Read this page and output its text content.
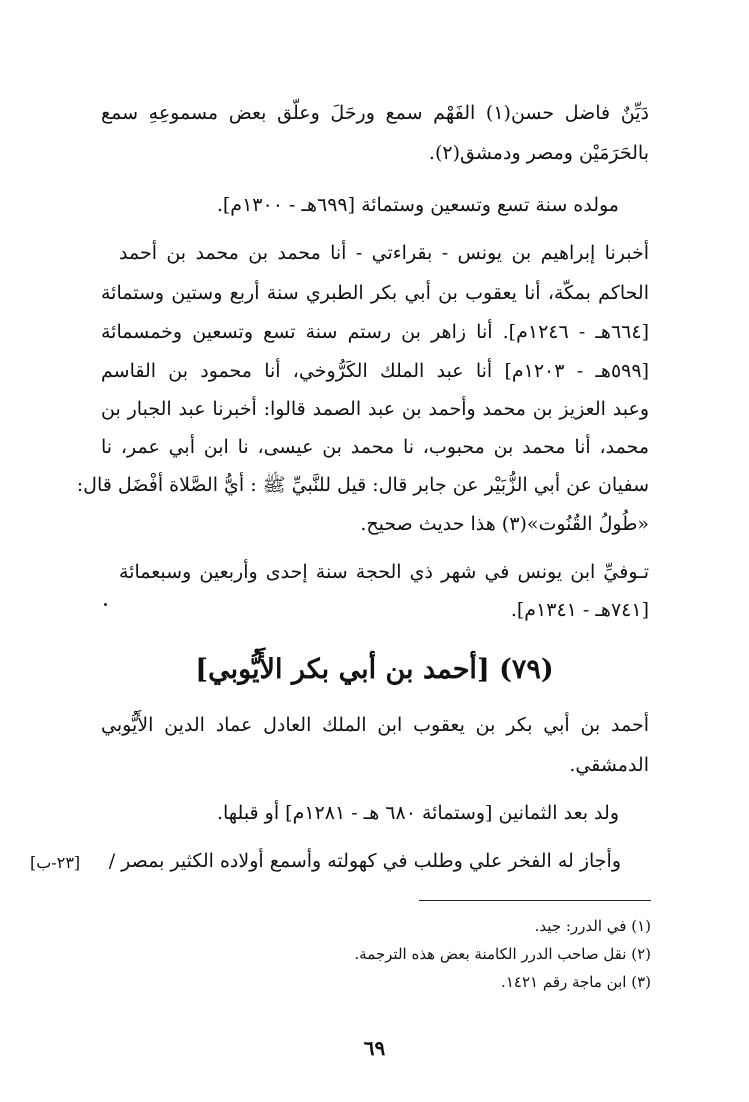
دَيِّنٌ فاضل حسن(١) الفَهْم سمع ورحَلَ وعلّق بعض مسموعِهِ سمع
بالحَرَمَيْن ومصر ودمشق(٢).
مولده سنة تسع وتسعين وستمائة [٦٩٩هـ - ١٣٠٠م].
أخبرنا إبراهيم بن يونس - بقراءتي - أنا محمد بن محمد بن أحمد
الحاكم بمكّة، أنا يعقوب بن أبي بكر الطبري سنة أربع وستين وستمائة
[٦٦٤هـ - ١٢٤٦م]. أنا زاهر بن رستم سنة تسع وتسعين وخمسمائة
[٥٩٩هـ - ١٢٠٣م] أنا عبد الملك الكَرُّوخي، أنا محمود بن القاسم
وعبد العزيز بن محمد وأحمد بن عبد الصمد قالوا: أخبرنا عبد الجبار بن
محمد، أنا محمد بن محبوب، نا محمد بن عيسى، نا ابن أبي عمر، نا
سفيان عن أبي الزُّبَيْر عن جابر قال: قيل للنَّبيِّ ﷺ : أيُّ الصَّلاة أفْضَل قال:
«طُولُ القُنُوت»(٣) هذا حديث صحيح.
تـوفيِّ ابن يونس في شهر ذي الحجة سنة إحدى وأربعين وسبعمائة
[٧٤١هـ - ١٣٤١م].
(٧٩) [أحمد بن أبي بكر الأَيُّوبي]
أحمد بن أبي بكر بن يعقوب ابن الملك العادل عماد الدين الأَيُّوبي
الدمشقي.
ولد بعد الثمانين [وستمائة ٦٨٠ هـ - ١٢٨١م] أو قبلها.
وأجاز له الفخر علي وطلب في كهولته وأسمع أولاده الكثير بمصر /
[٢٣-ب]
(١) في الدرر: جيد.
(٢) نقل صاحب الدرر الكامنة بعض هذه الترجمة.
(٣) ابن ماجة رقم ١٤٢١.
٦٩
